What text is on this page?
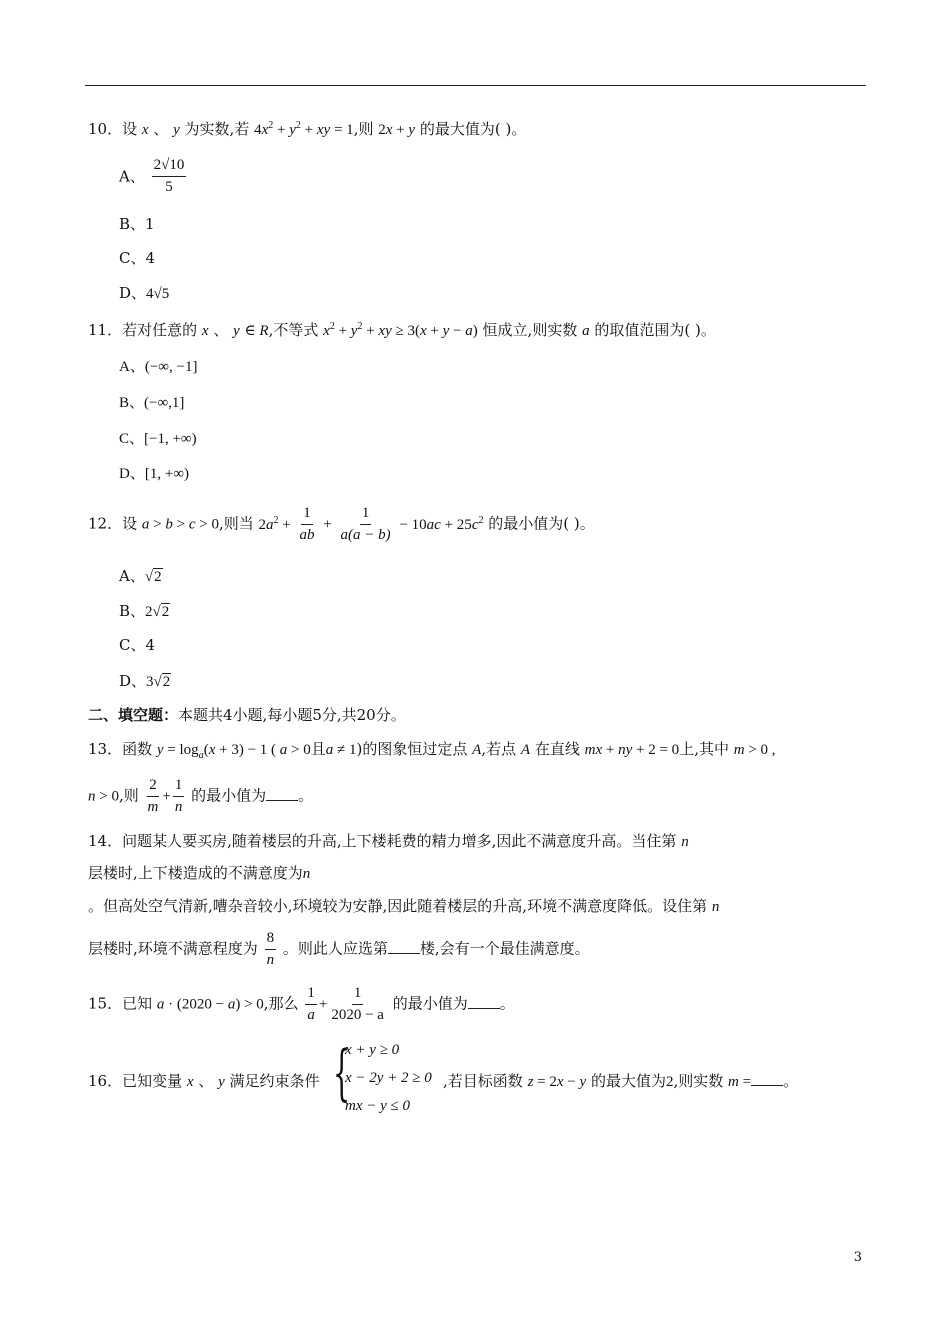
10．设 x 、 y 为实数,若 $4x^2 + y^2$ + xy = 1,则 2x + y 的最大值为( )。
A、 $\frac{2√10}{5}$
B、1
C、4
D、4√5
11．若对任意的 x 、 y ∈ R,不等式 $x^2 + y^2$ + xy ≥ 3(x + y − a) 恒成立,则实数 a 的取值范围为( )。
A、(−∞, −1]
B、(−∞,1]
C、[−1, +∞)
D、[1, +∞)
12．设 a > b > c > 0,则当 $2a^2 + \frac{1}{ab} + \frac{1}{a(a - b)} - 10ac + 25c^2$ 的最小值为( )。
A、√2
B、2√2
C、4
D、3√2
二、填空题：本题共4小题,每小题5分,共20分。
13．函数 $y = \log_a(x + 3) - 1$ ( a > 0且a ≠ 1)的图象恒过定点 A,若点 A 在直线 mx + ny + 2 = 0上,其中 m > 0 ,
n > 0,则 $\frac{2}{m} + \frac{1}{n}$ 的最小值为 。
14．问题某人要买房,随着楼层的升高,上下楼耗费的精力增多,因此不满意度升高。当住第 n
层楼时,上下楼造成的不满意度为n
。但高处空气清新,嘈杂音较小,环境较为安静,因此随着楼层的升高,环境不满意度降低。设住第 n
层楼时,环境不满意程度为 $\frac{8}{n}$ 。则此人应选第 楼,会有一个最佳满意度。
15．已知 a · (2020 − a) > 0,那么 $\frac{1}{a} + \frac{1}{2020 - a}$ 的最小值为 。
16．已知变量 x 、 y 满足约束条件 {
x + y ≥ 0
x − 2y + 2 ≥ 0
mx − y ≤ 0
,若目标函数 z = 2x − y 的最大值为2,则实数 m = 。
3
